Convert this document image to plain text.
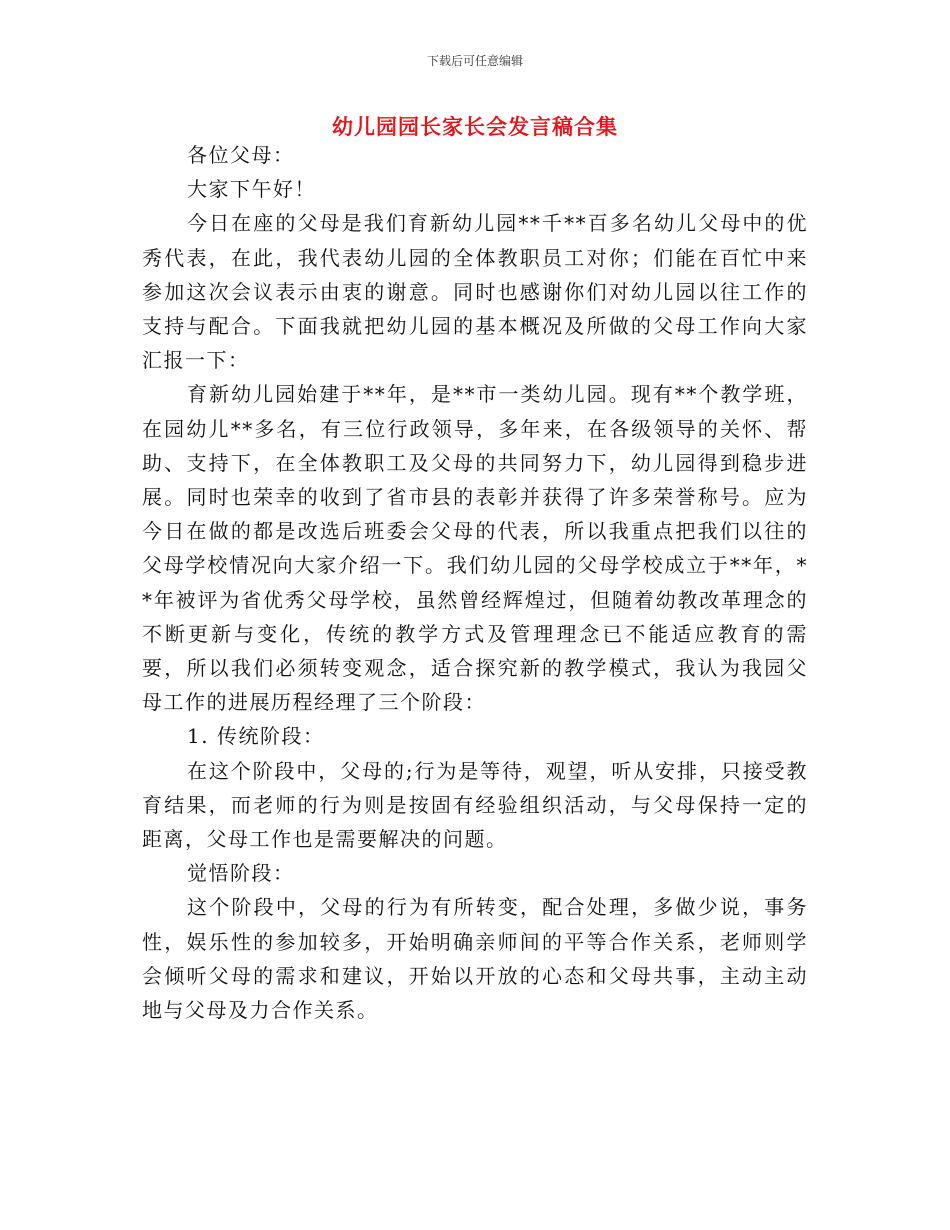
下载后可任意编辑
幼儿园园长家长会发言稿合集

各位父母：

大家下午好！

今日在座的父母是我们育新幼儿园**千**百多名幼儿父母中的优秀代表，在此，我代表幼儿园的全体教职员工对你；们能在百忙中来参加这次会议表示由衷的谢意。同时也感谢你们对幼儿园以往工作的支持与配合。下面我就把幼儿园的基本概况及所做的父母工作向大家汇报一下：

育新幼儿园始建于**年，是**市一类幼儿园。现有**个教学班，在园幼儿**多名，有三位行政领导，多年来，在各级领导的关怀、帮助、支持下，在全体教职工及父母的共同努力下，幼儿园得到稳步进展。同时也荣幸的收到了省市县的表彰并获得了许多荣誉称号。应为今日在做的都是改选后班委会父母的代表，所以我重点把我们以往的父母学校情况向大家介绍一下。我们幼儿园的父母学校成立于**年，**年被评为省优秀父母学校，虽然曾经辉煌过，但随着幼教改革理念的不断更新与变化，传统的教学方式及管理理念已不能适应教育的需要，所以我们必须转变观念，适合探究新的教学模式，我认为我园父母工作的进展历程经理了三个阶段：

1. 传统阶段：

在这个阶段中，父母的;行为是等待，观望，听从安排，只接受教育结果，而老师的行为则是按固有经验组织活动，与父母保持一定的距离，父母工作也是需要解决的问题。

觉悟阶段：

这个阶段中，父母的行为有所转变，配合处理，多做少说，事务性，娱乐性的参加较多，开始明确亲师间的平等合作关系，老师则学会倾听父母的需求和建议，开始以开放的心态和父母共事，主动主动地与父母及力合作关系。
